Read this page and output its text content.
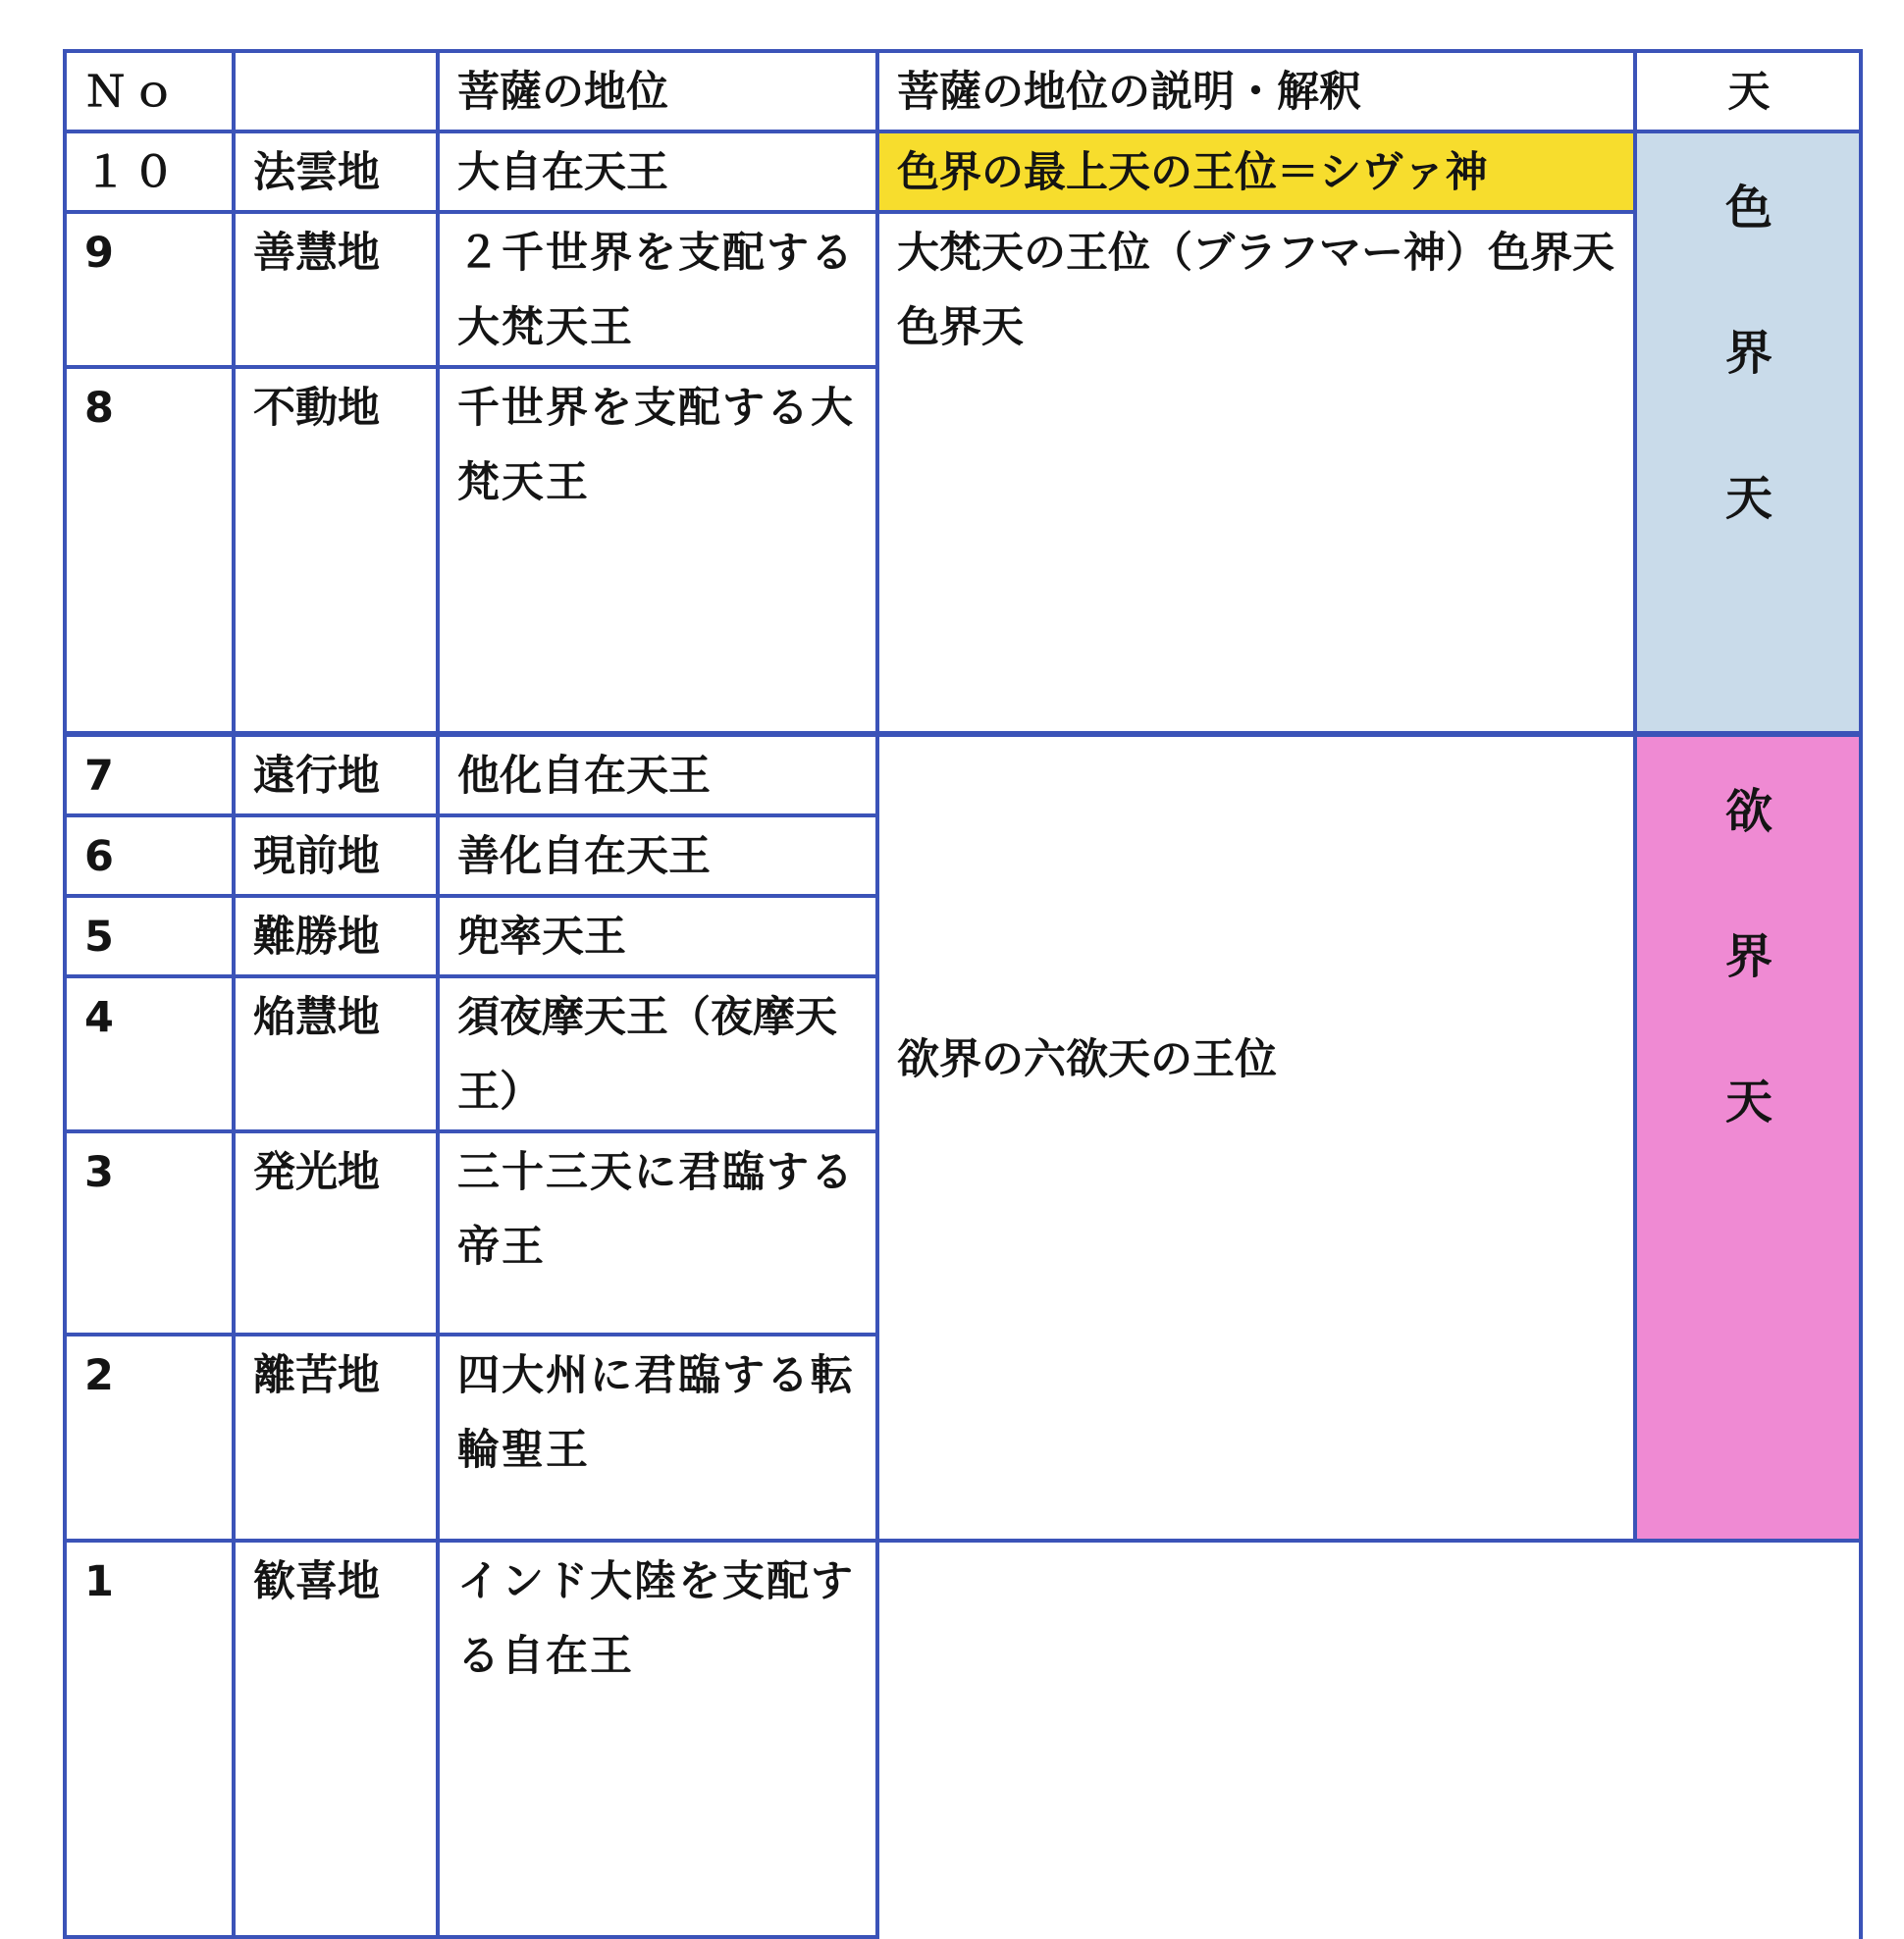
Ｎｏ		菩薩の地位	菩薩の地位の説明・解釈	天	
１０	法雲地	大自在天王	色界の最上天の王位＝シヴァ神	色
界
天	

9	善慧地	２千世界を支配する大梵天王	大梵天の王位（ブラフマー神）色界天
色界天		

8	不動地	千世界を支配する大梵天王			
7	遠行地	他化自在天王	欲界の六欲天の王位	欲
界
天	

6	現前地	善化自在天王			
5	難勝地	兜率天王			
4	焔慧地	須夜摩天王（夜摩天王）			
3	発光地	三十三天に君臨する帝王			
2	離苦地	四大州に君臨する転輪聖王		

1	歓喜地	インド大陸を支配する自在王			
